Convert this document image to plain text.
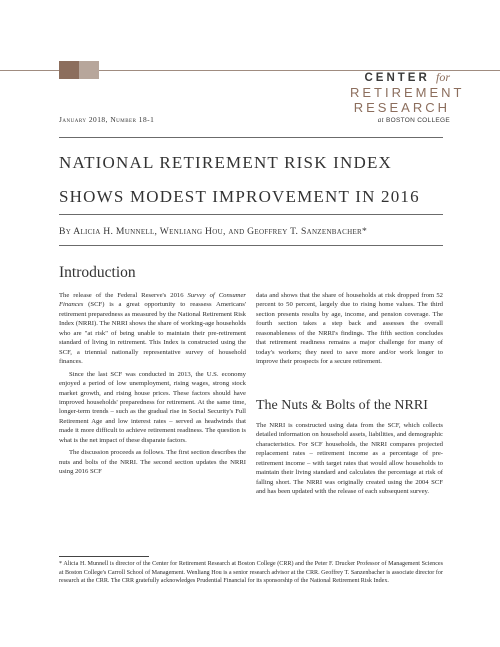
CENTER for
RETIREMENT
RESEARCH
at BOSTON COLLEGE
January 2018, Number 18-1
NATIONAL RETIREMENT RISK INDEX
SHOWS MODEST IMPROVEMENT IN 2016
By Alicia H. Munnell, Wenliang Hou, and Geoffrey T. Sanzenbacher*
Introduction

The release of the Federal Reserve's 2016 Survey of Consumer Finances (SCF) is a great opportunity to reassess Americans' retirement preparedness as measured by the National Retirement Risk Index (NRRI). The NRRI shows the share of working-age households who are "at risk" of being unable to maintain their pre-retirement standard of living in retirement. This Index is constructed using the SCF, a triennial nationally representative survey of household finances.

Since the last SCF was conducted in 2013, the U.S. economy enjoyed a period of low unemployment, rising wages, strong stock market growth, and rising house prices. These factors should have improved households' preparedness for retirement. At the same time, longer-term trends – such as the gradual rise in Social Security's Full Retirement Age and low interest rates – served as headwinds that made it more difficult to achieve retirement readiness. The question is what is the net impact of these disparate factors.

The discussion proceeds as follows. The first section describes the nuts and bolts of the NRRI. The second section updates the NRRI using 2016 SCF

data and shows that the share of households at risk dropped from 52 percent to 50 percent, largely due to rising home values. The third section presents results by age, income, and pension coverage. The fourth section takes a step back and assesses the overall reasonableness of the NRRI's findings. The fifth section concludes that retirement readiness remains a major challenge for many of today's workers; they need to save more and/or work longer to improve their prospects for a secure retirement.

The Nuts & Bolts of the NRRI

The NRRI is constructed using data from the SCF, which collects detailed information on household assets, liabilities, and demographic characteristics. For SCF households, the NRRI compares projected replacement rates – retirement income as a percentage of pre-retirement income – with target rates that would allow households to maintain their living standard and calculates the percentage at risk of falling short. The NRRI was originally created using the 2004 SCF and has been updated with the release of each subsequent survey.

* Alicia H. Munnell is director of the Center for Retirement Research at Boston College (CRR) and the Peter F. Drucker Professor of Management Sciences at Boston College's Carroll School of Management. Wenliang Hou is a senior research advisor at the CRR. Geoffrey T. Sanzenbacher is associate director for research at the CRR. The CRR gratefully acknowledges Prudential Financial for its sponsorship of the National Retirement Risk Index.
